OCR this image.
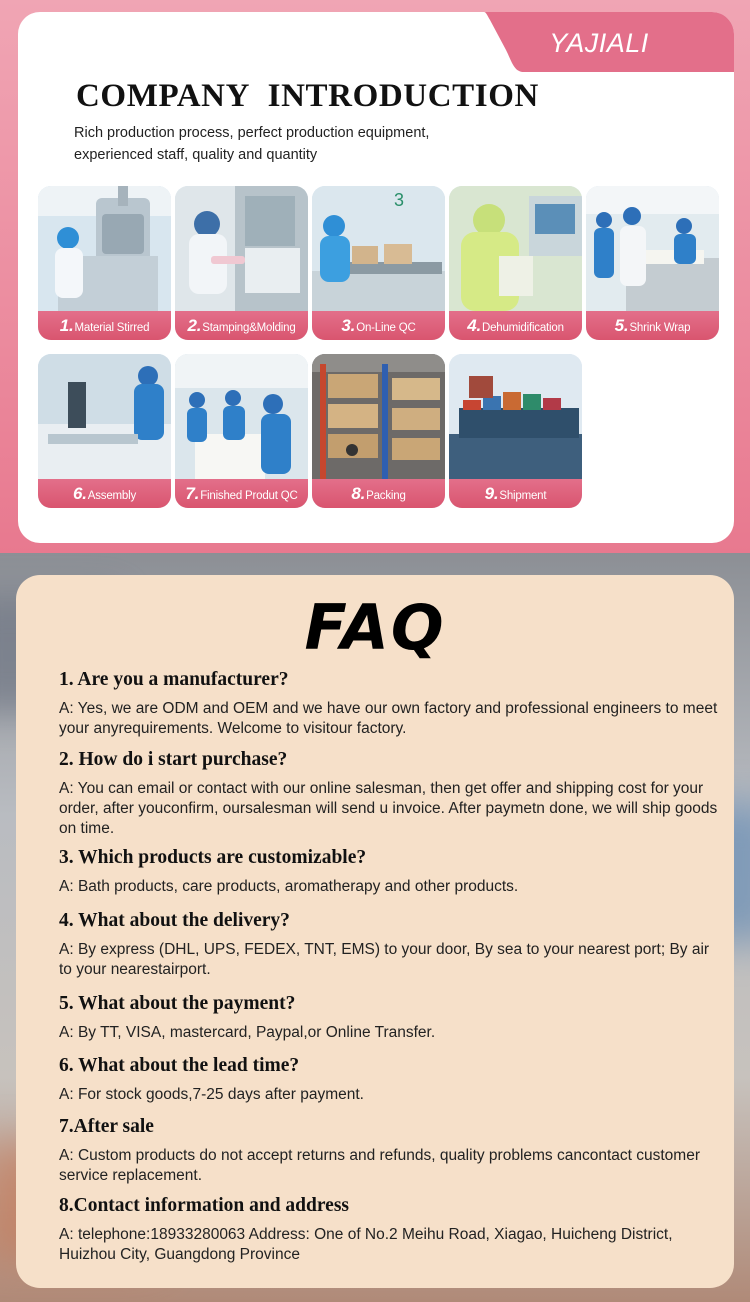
YAJIALI
COMPANY INTRODUCTION
Rich production process, perfect production equipment,
experienced staff, quality and quantity
1.Material Stirred	2.Stamping&Molding
3
3.On-Line QC	4.Dehumidification	5.Shrink Wrap
6.Assembly	7.Finished Produt QC	8.Packing	9.Shipment
FAQ
1. Are you a manufacturer?
A: Yes, we are ODM and OEM and we have our own factory and professional engineers to meet your anyrequirements. Welcome to visitour factory.
2. How do i start purchase?
A: You can email or contact with our online salesman, then get offer and shipping cost for your order, after youconfirm, oursalesman will send u invoice. After paymetn done, we will ship goods on time.
3. Which products are customizable?
A: Bath products, care products, aromatherapy and other products.
4. What about the delivery?
A: By express (DHL, UPS, FEDEX, TNT, EMS) to your door, By sea to your nearest port; By air to your nearestairport.
5. What about the payment?
A: By TT, VISA, mastercard, Paypal,or Online Transfer.
6. What about the lead time?
A: For stock goods,7-25 days after payment.
7.After sale
A: Custom products do not accept returns and refunds, quality problems cancontact customer service replacement.
8.Contact information and address
A: telephone:18933280063 Address: One of No.2 Meihu Road, Xiagao, Huicheng District, Huizhou City, Guangdong Province
